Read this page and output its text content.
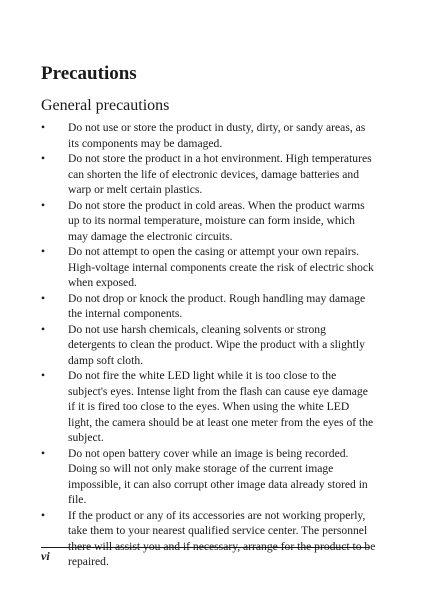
Precautions
General precautions
•	Do not use or store the product in dusty, dirty, or sandy areas, as its components may be damaged.
•	Do not store the product in a hot environment. High temperatures can shorten the life of electronic devices, damage batteries and warp or melt certain plastics.
•	Do not store the product in cold areas. When the product warms up to its normal temperature, moisture can form inside, which may damage the electronic circuits.
•	Do not attempt to open the casing or attempt your own repairs. High-voltage internal components create the risk of electric shock when exposed.
•	Do not drop or knock the product. Rough handling may damage the internal components.
•	Do not use harsh chemicals, cleaning solvents or strong detergents to clean the product. Wipe the product with a slightly damp soft cloth.
•	Do not fire the white LED light while it is too close to the subject's eyes. Intense light from the flash can cause eye damage if it is fired too close to the eyes. When using the white LED light, the camera should be at least one meter from the eyes of the subject.
•	Do not open battery cover while an image is being recorded. Doing so will not only make storage of the current image impossible, it can also corrupt other image data already stored in file.
•	If the product or any of its accessories are not working properly, take them to your nearest qualified service center. The personnel there will assist you and if necessary, arrange for the product to be repaired.
vi
